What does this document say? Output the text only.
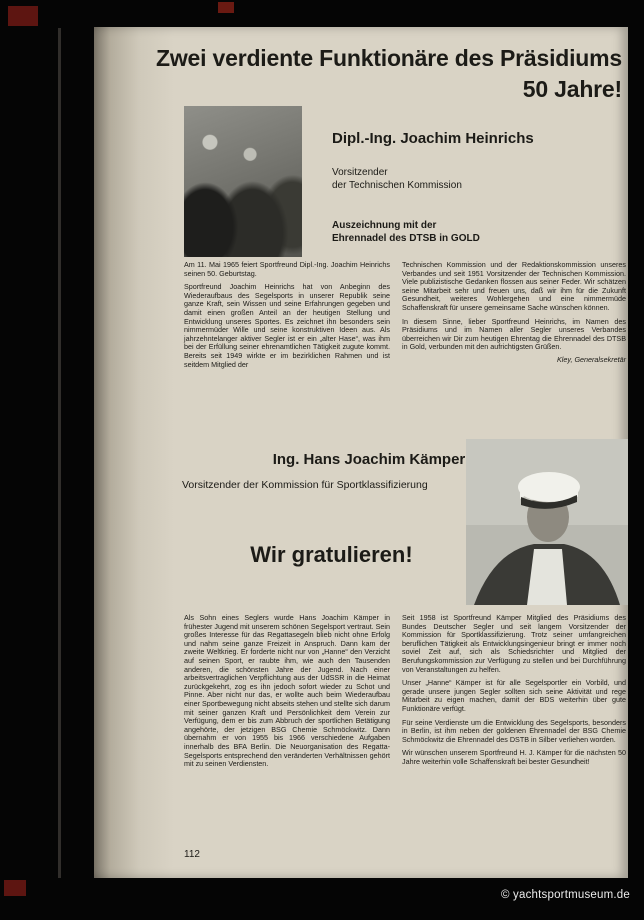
© yachtsportmuseum.de
Zwei verdiente Funktionäre des Präsidiums
50 Jahre!
Dipl.-Ing. Joachim Heinrichs
Vorsitzender
der Technischen Kommission
Auszeichnung mit der
Ehrennadel des DTSB in GOLD

Am 11. Mai 1965 feiert Sportfreund Dipl.-Ing. Joachim Heinrichs seinen 50. Geburtstag.

Sportfreund Joachim Heinrichs hat von Anbeginn des Wiederaufbaus des Segelsports in unserer Republik seine ganze Kraft, sein Wissen und seine Erfahrungen gegeben und damit einen großen Anteil an der heutigen Stellung und Entwicklung unseres Sportes. Es zeichnet ihn besonders sein nimmermüder Wille und seine konstruktiven Ideen aus. Als jahrzehntelanger aktiver Segler ist er ein „alter Hase“, was ihm bei der Erfüllung seiner ehrenamtlichen Tätigkeit zugute kommt. Bereits seit 1949 wirkte er im bezirklichen Rahmen und ist seitdem Mitglied der

Technischen Kommission und der Redaktionskommission unseres Verbandes und seit 1951 Vorsitzender der Technischen Kommission. Viele publizistische Gedanken flossen aus seiner Feder. Wir schätzen seine Mitarbeit sehr und freuen uns, daß wir ihm für die Zukunft Gesundheit, weiteres Wohlergehen und eine nimmermüde Schaffenskraft für unsere gemeinsame Sache wünschen können.

In diesem Sinne, lieber Sportfreund Heinrichs, im Namen des Präsidiums und im Namen aller Segler unseres Verbandes überreichen wir Dir zum heutigen Ehrentag die Ehrennadel des DTSB in Gold, verbunden mit den aufrichtigsten Grüßen.

Kley, Generalsekretär
Ing. Hans Joachim Kämper
Vorsitzender der Kommission für Sportklassifizierung
Wir gratulieren!

Als Sohn eines Seglers wurde Hans Joachim Kämper in frühester Jugend mit unserem schönen Segelsport vertraut. Sein großes Interesse für das Regattasegeln blieb nicht ohne Erfolg und nahm seine ganze Freizeit in Anspruch. Dann kam der zweite Weltkrieg. Er forderte nicht nur von „Hanne“ den Verzicht auf seinen Sport, er raubte ihm, wie auch den Tausenden anderen, die schönsten Jahre der Jugend. Nach einer arbeitsvertraglichen Verpflichtung aus der UdSSR in die Heimat zurückgekehrt, zog es ihn jedoch sofort wieder zu Schot und Pinne. Aber nicht nur das, er wollte auch beim Wiederaufbau einer Sportbewegung nicht abseits stehen und stellte sich darum mit seiner ganzen Kraft und Persönlichkeit dem Verein zur Verfügung, dem er bis zum Abbruch der sportlichen Betätigung angehörte, der jetzigen BSG Chemie Schmöckwitz. Dann übernahm er von 1955 bis 1966 verschiedene Aufgaben innerhalb des BFA Berlin. Die Neuorganisation des Regatta-Segelsports entsprechend den veränderten Verhältnissen gehört mit zu seinen Verdiensten.

Seit 1958 ist Sportfreund Kämper Mitglied des Präsidiums des Bundes Deutscher Segler und seit langem Vorsitzender der Kommission für Sportklassifizierung. Trotz seiner umfangreichen beruflichen Tätigkeit als Entwicklungsingenieur bringt er immer noch soviel Zeit auf, sich als Schiedsrichter und Mitglied der Berufungskommission zur Verfügung zu stellen und bei Durchführung von Veranstaltungen zu helfen.

Unser „Hanne“ Kämper ist für alle Segelsportler ein Vorbild, und gerade unsere jungen Segler sollten sich seine Aktivität und rege Mitarbeit zu eigen machen, damit der BDS weiterhin über gute Funktionäre verfügt.

Für seine Verdienste um die Entwicklung des Segelsports, besonders in Berlin, ist ihm neben der goldenen Ehrennadel der BSG Chemie Schmöckwitz die Ehrennadel des DSTB in Silber verliehen worden.

Wir wünschen unserem Sportfreund H. J. Kämper für die nächsten 50 Jahre weiterhin volle Schaffenskraft bei bester Gesundheit!

112
